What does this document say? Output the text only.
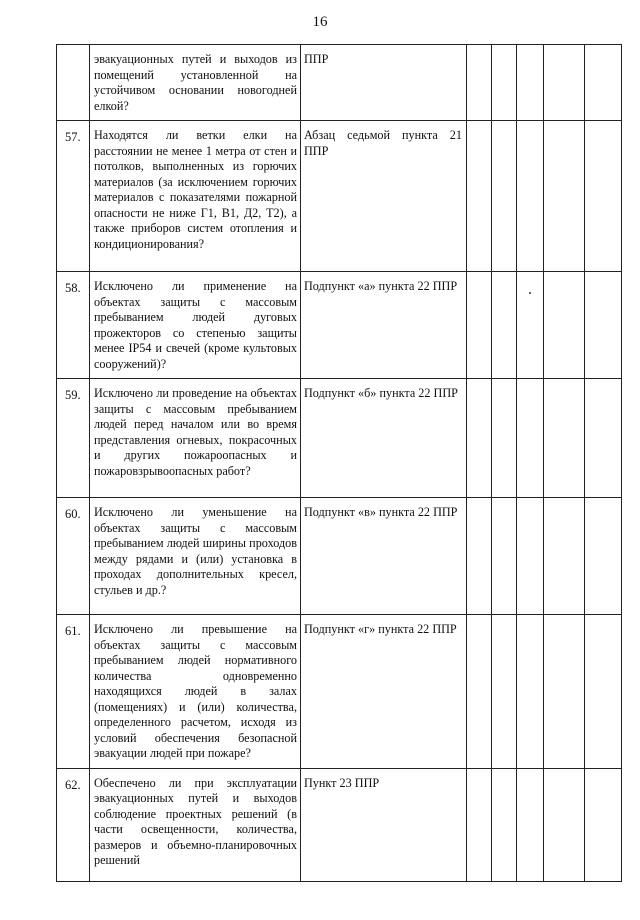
16

	эвакуационных путей и выходов из помещений установленной на устойчивом основании новогодней елкой?	ППР					

57.	Находятся ли ветки елки на расстоянии не менее 1 метра от стен и потолков, выполненных из горючих материалов (за исключением горючих материалов с показателями пожарной опасности не ниже Г1, В1, Д2, Т2), а также приборов систем отопления и кондиционирования?	Абзац седьмой пункта 21 ППР					

58.	Исключено ли применение на объектах защиты с массовым пребыванием людей дуговых прожекторов со степенью защиты менее IP54 и свечей (кроме культовых сооружений)?	Подпункт «а» пункта 22 ППР					

59.	Исключено ли проведение на объектах защиты с массовым пребыванием людей перед началом или во время представления огневых, покрасочных и других пожароопасных и пожаровзрывоопасных работ?	Подпункт «б» пункта 22 ППР					

60.	Исключено ли уменьшение на объектах защиты с массовым пребыванием людей ширины проходов между рядами и (или) установка в проходах дополнительных кресел, стульев и др.?	Подпункт «в» пункта 22 ППР					

61.	Исключено ли превышение на объектах защиты с массовым пребыванием людей нормативного количества одновременно находящихся людей в залах (помещениях) и (или) количества, определенного расчетом, исходя из условий обеспечения безопасной эвакуации людей при пожаре?	Подпункт «г» пункта 22 ППР					

62.	Обеспечено ли при эксплуатации эвакуационных путей и выходов соблюдение проектных решений (в части освещенности, количества, размеров и объемно-планировочных решений	Пункт 23 ППР					
